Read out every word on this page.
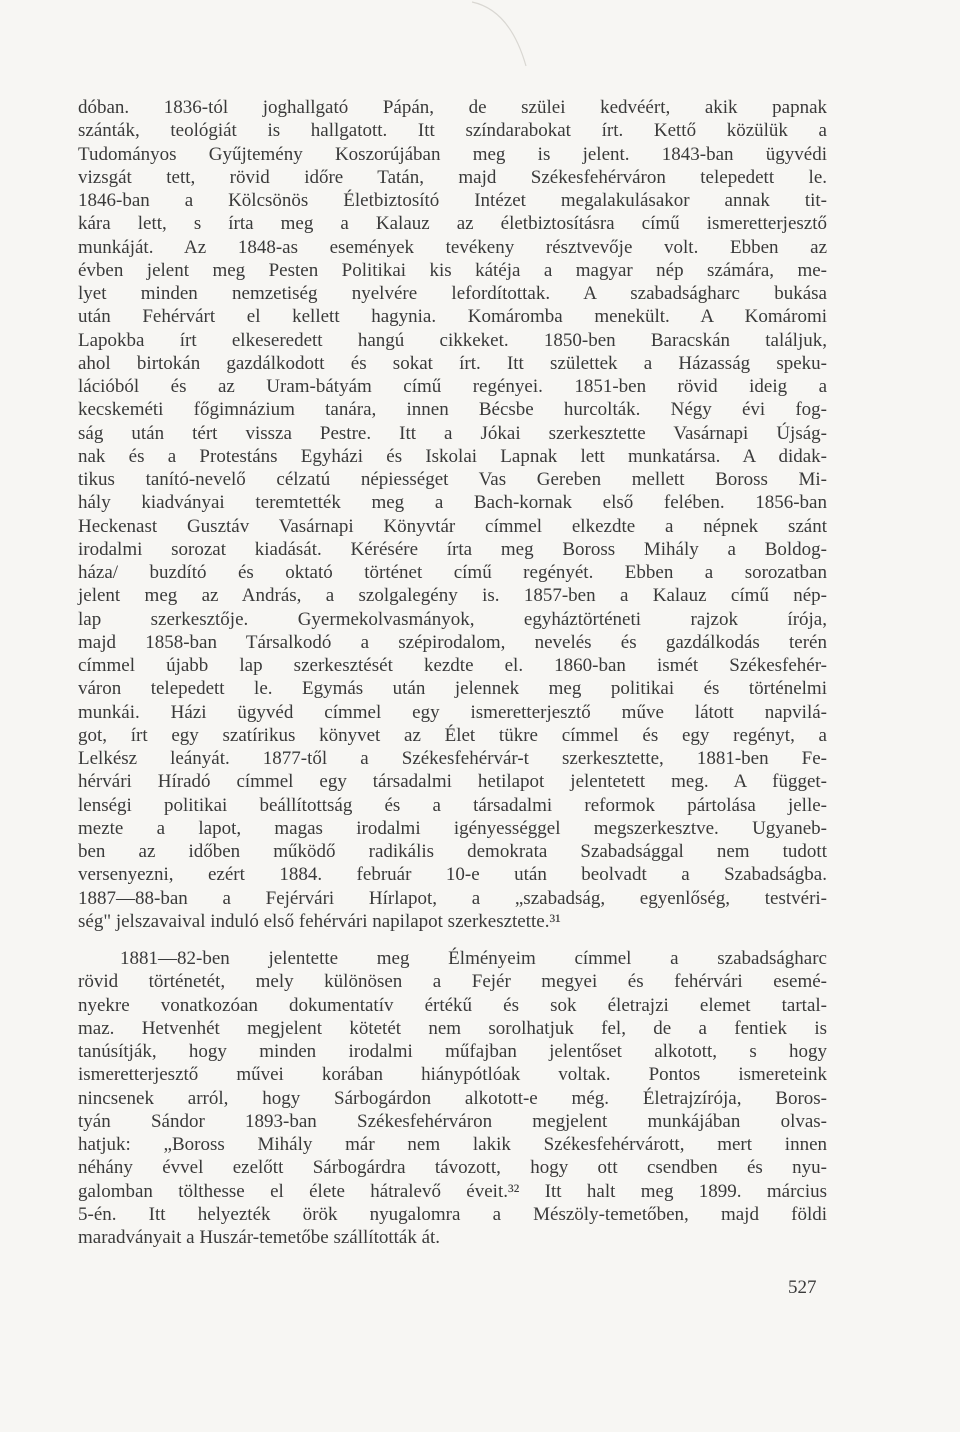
dóban. 1836-tól joghallgató Pápán, de szülei kedvéért, akik papnak
szánták, teológiát is hallgatott. Itt színdarabokat írt. Kettő közülük a
Tudományos Gyűjtemény Koszorújában meg is jelent. 1843-ban ügyvédi
vizsgát tett, rövid időre Tatán, majd Székesfehérváron telepedett le.
1846-ban a Kölcsönös Életbiztosító Intézet megalakulásakor annak tit-
kára lett, s írta meg a Kalauz az életbiztosításra című ismeretterjesztő
munkáját. Az 1848-as események tevékeny résztvevője volt. Ebben az
évben jelent meg Pesten Politikai kis kátéja a magyar nép számára, me-
lyet minden nemzetiség nyelvére lefordítottak. A szabadságharc bukása
után Fehérvárt el kellett hagynia. Komáromba menekült. A Komáromi
Lapokba írt elkeseredett hangú cikkeket. 1850-ben Baracskán találjuk,
ahol birtokán gazdálkodott és sokat írt. Itt születtek a Házasság speku-
lációból és az Uram-bátyám című regényei. 1851-ben rövid ideig a
kecskeméti főgimnázium tanára, innen Bécsbe hurcolták. Négy évi fog-
ság után tért vissza Pestre. Itt a Jókai szerkesztette Vasárnapi Újság-
nak és a Protestáns Egyházi és Iskolai Lapnak lett munkatársa. A didak-
tikus tanító-nevelő célzatú népiességet Vas Gereben mellett Boross Mi-
hály kiadványai teremtették meg a Bach-kornak első felében. 1856-ban
Heckenast Gusztáv Vasárnapi Könyvtár címmel elkezdte a népnek szánt
irodalmi sorozat kiadását. Kérésére írta meg Boross Mihály a Boldog-
háza/ buzdító és oktató történet című regényét. Ebben a sorozatban
jelent meg az András, a szolgalegény is. 1857-ben a Kalauz című nép-
lap szerkesztője. Gyermekolvasmányok, egyháztörténeti rajzok írója,
majd 1858-ban Társalkodó a szépirodalom, nevelés és gazdálkodás terén
címmel újabb lap szerkesztését kezdte el. 1860-ban ismét Székesfehér-
váron telepedett le. Egymás után jelennek meg politikai és történelmi
munkái. Házi ügyvéd címmel egy ismeretterjesztő műve látott napvilá-
got, írt egy szatírikus könyvet az Élet tükre címmel és egy regényt, a
Lelkész leányát. 1877-től a Székesfehérvár-t szerkesztette, 1881-ben Fe-
hérvári Híradó címmel egy társadalmi hetilapot jelentetett meg. A függet-
lenségi politikai beállítottság és a társadalmi reformok pártolása jelle-
mezte a lapot, magas irodalmi igényességgel megszerkesztve. Ugyaneb-
ben az időben működő radikális demokrata Szabadsággal nem tudott
versenyezni, ezért 1884. február 10-e után beolvadt a Szabadságba.
1887—88-ban a Fejérvári Hírlapot, a „szabadság, egyenlőség, testvéri-
ség" jelszavaival induló első fehérvári napilapot szerkesztette.³¹
1881—82-ben jelentette meg Élményeim címmel a szabadságharc
rövid történetét, mely különösen a Fejér megyei és fehérvári esemé-
nyekre vonatkozóan dokumentatív értékű és sok életrajzi elemet tartal-
maz. Hetvenhét megjelent kötetét nem sorolhatjuk fel, de a fentiek is
tanúsítják, hogy minden irodalmi műfajban jelentőset alkotott, s hogy
ismeretterjesztő művei korában hiánypótlóak voltak. Pontos ismereteink
nincsenek arról, hogy Sárbogárdon alkotott-e még. Életrajzírója, Boros-
tyán Sándor 1893-ban Székesfehérváron megjelent munkájában olvas-
hatjuk: „Boross Mihály már nem lakik Székesfehérvárott, mert innen
néhány évvel ezelőtt Sárbogárdra távozott, hogy ott csendben és nyu-
galomban tölthesse el élete hátralevő éveit.³² Itt halt meg 1899. március
5-én. Itt helyezték örök nyugalomra a Mészöly-temetőben, majd földi
maradványait a Huszár-temetőbe szállították át.
527
